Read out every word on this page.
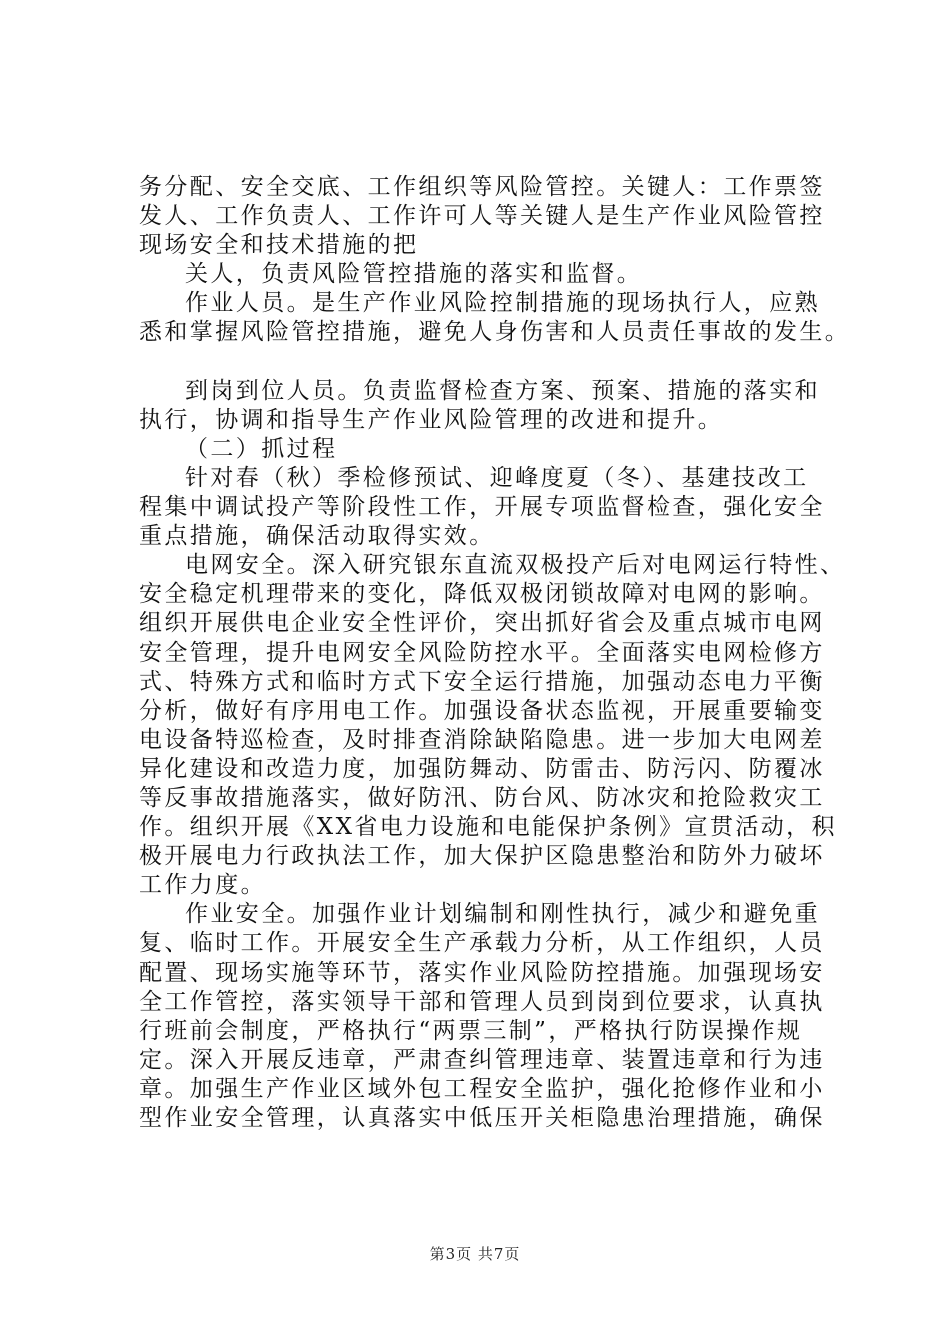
务分配、安全交底、工作组织等风险管控。关键人：工作票签
发人、工作负责人、工作许可人等关键人是生产作业风险管控
现场安全和技术措施的把
关人，负责风险管控措施的落实和监督。
作业人员。是生产作业风险控制措施的现场执行人，应熟
悉和掌握风险管控措施，避免人身伤害和人员责任事故的发生。
到岗到位人员。负责监督检查方案、预案、措施的落实和
执行，协调和指导生产作业风险管理的改进和提升。
（二）抓过程
针对春（秋）季检修预试、迎峰度夏（冬）、基建技改工
程集中调试投产等阶段性工作，开展专项监督检查，强化安全
重点措施，确保活动取得实效。
电网安全。深入研究银东直流双极投产后对电网运行特性、
安全稳定机理带来的变化，降低双极闭锁故障对电网的影响。
组织开展供电企业安全性评价，突出抓好省会及重点城市电网
安全管理，提升电网安全风险防控水平。全面落实电网检修方
式、特殊方式和临时方式下安全运行措施，加强动态电力平衡
分析，做好有序用电工作。加强设备状态监视，开展重要输变
电设备特巡检查，及时排查消除缺陷隐患。进一步加大电网差
异化建设和改造力度，加强防舞动、防雷击、防污闪、防覆冰
等反事故措施落实，做好防汛、防台风、防冰灾和抢险救灾工
作。组织开展《XX省电力设施和电能保护条例》宣贯活动，积
极开展电力行政执法工作，加大保护区隐患整治和防外力破坏
工作力度。
作业安全。加强作业计划编制和刚性执行，减少和避免重
复、临时工作。开展安全生产承载力分析，从工作组织，人员
配置、现场实施等环节，落实作业风险防控措施。加强现场安
全工作管控，落实领导干部和管理人员到岗到位要求，认真执
行班前会制度，严格执行“两票三制”，严格执行防误操作规
定。深入开展反违章，严肃查纠管理违章、装置违章和行为违
章。加强生产作业区域外包工程安全监护，强化抢修作业和小
型作业安全管理，认真落实中低压开关柜隐患治理措施，确保
第3页 共7页
